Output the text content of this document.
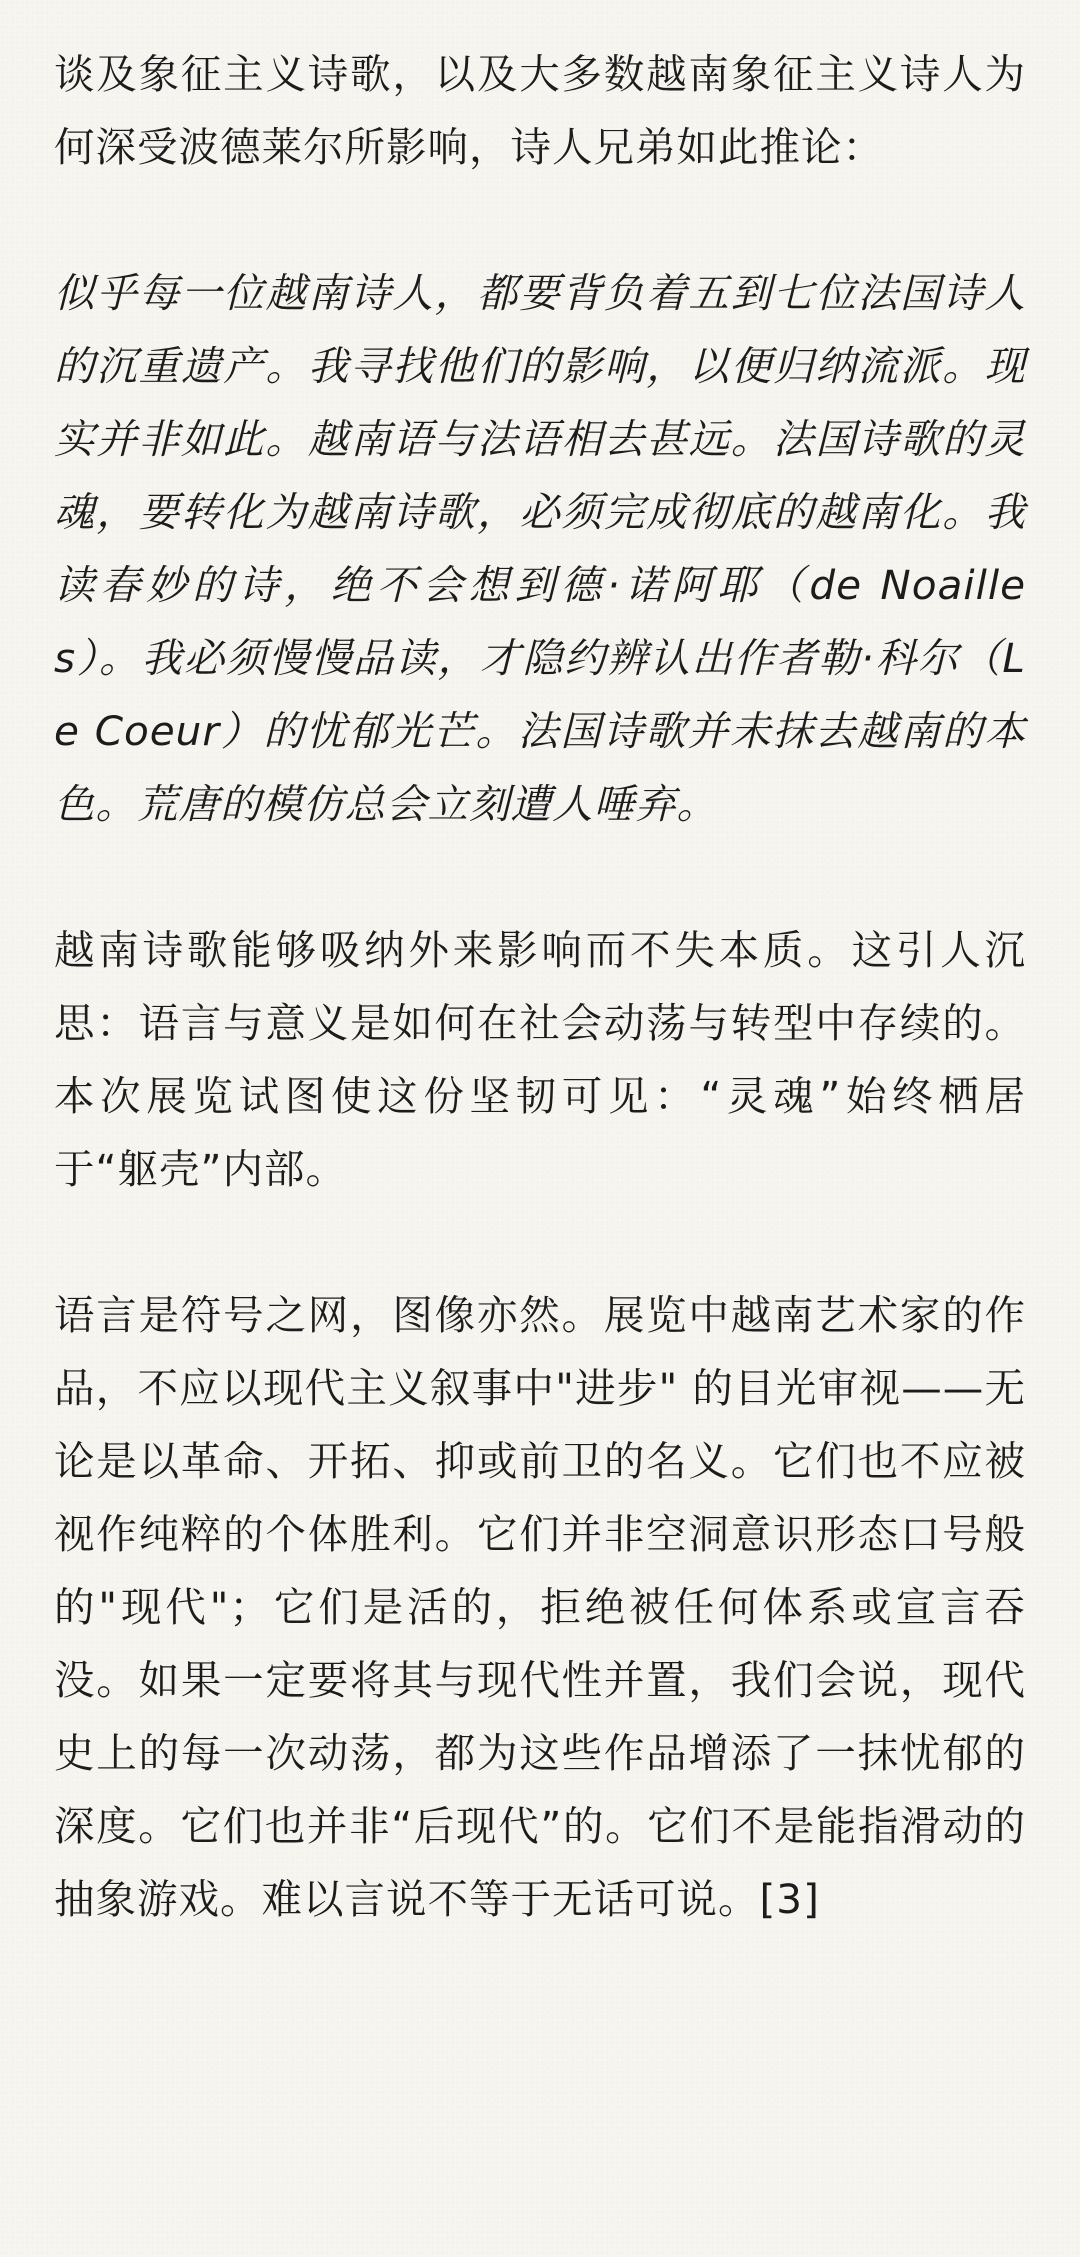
谈及象征主义诗歌，以及大多数越南象征主义诗人为何深受波德莱尔所影响，诗人兄弟如此推论：

似乎每一位越南诗人，都要背负着五到七位法国诗人的沉重遗产。我寻找他们的影响，以便归纳流派。现实并非如此。越南语与法语相去甚远。法国诗歌的灵魂，要转化为越南诗歌，必须完成彻底的越南化。我读春妙的诗，绝不会想到德·诺阿耶（de Noailles）。我必须慢慢品读，才隐约辨认出作者勒·科尔（Le Coeur）的忧郁光芒。法国诗歌并未抹去越南的本色。荒唐的模仿总会立刻遭人唾弃。

越南诗歌能够吸纳外来影响而不失本质。这引人沉思：语言与意义是如何在社会动荡与转型中存续的。本次展览试图使这份坚韧可见：“灵魂”始终栖居于“躯壳”内部。

语言是符号之网，图像亦然。展览中越南艺术家的作品，不应以现代主义叙事中"进步" 的目光审视——无论是以革命、开拓、抑或前卫的名义。它们也不应被视作纯粹的个体胜利。它们并非空洞意识形态口号般的"现代"；它们是活的，拒绝被任何体系或宣言吞没。如果一定要将其与现代性并置，我们会说，现代史上的每一次动荡，都为这些作品增添了一抹忧郁的深度。它们也并非“后现代”的。它们不是能指滑动的抽象游戏。难以言说不等于无话可说。[3]
